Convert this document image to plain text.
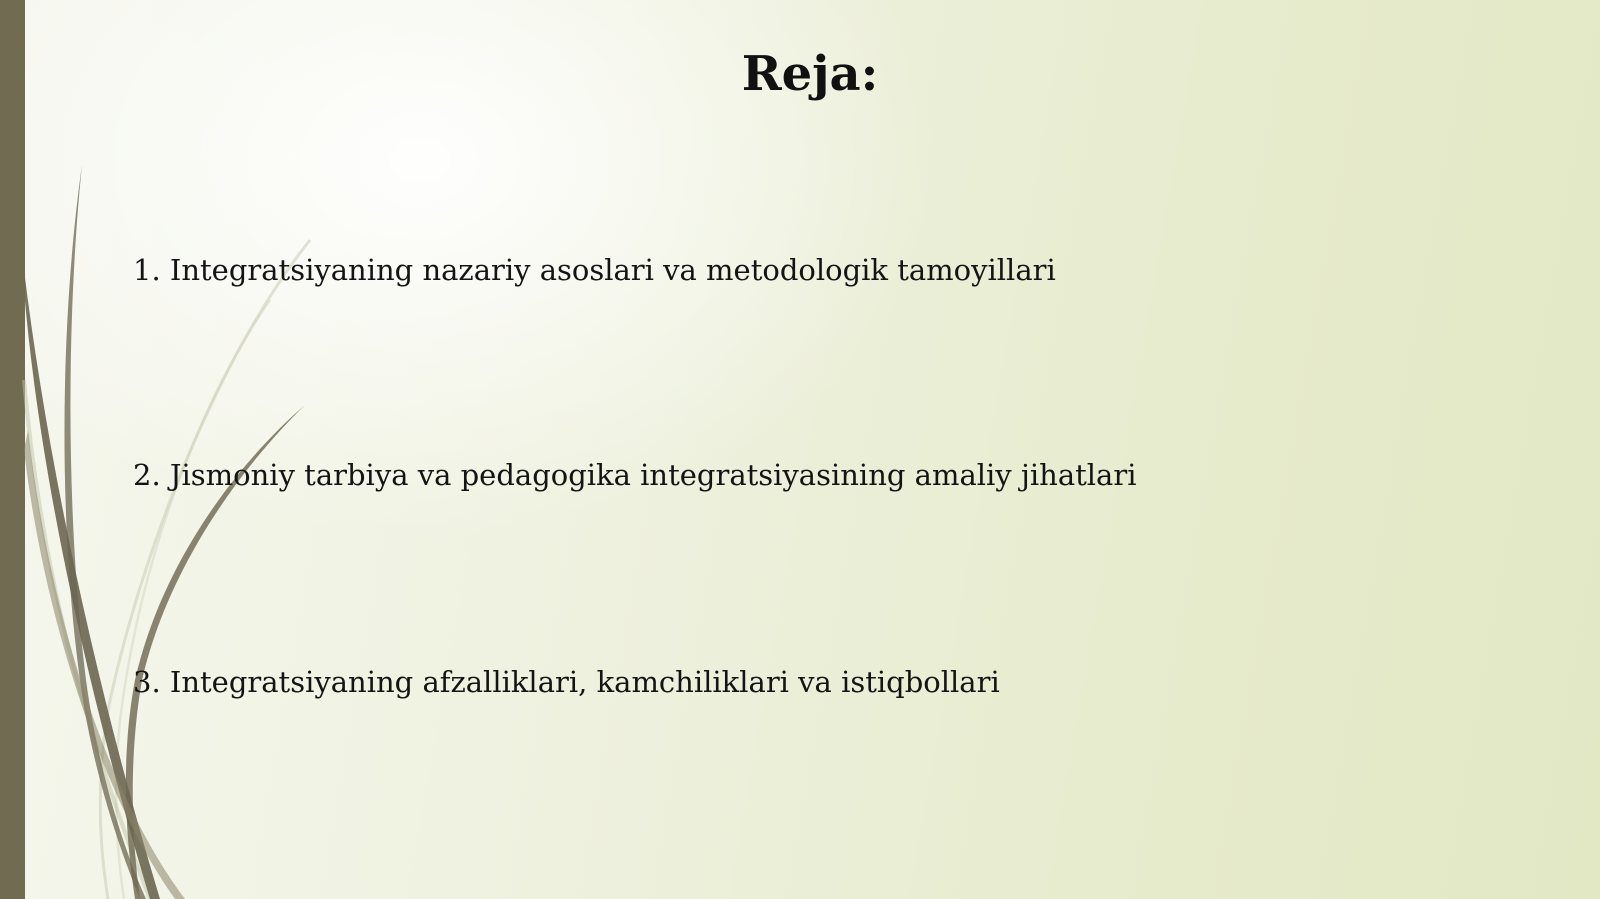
Reja:
1. Integratsiyaning nazariy asoslari va metodologik tamoyillari
2. Jismoniy tarbiya va pedagogika integratsiyasining amaliy jihatlari
3. Integratsiyaning afzalliklari, kamchiliklari va istiqbollari
